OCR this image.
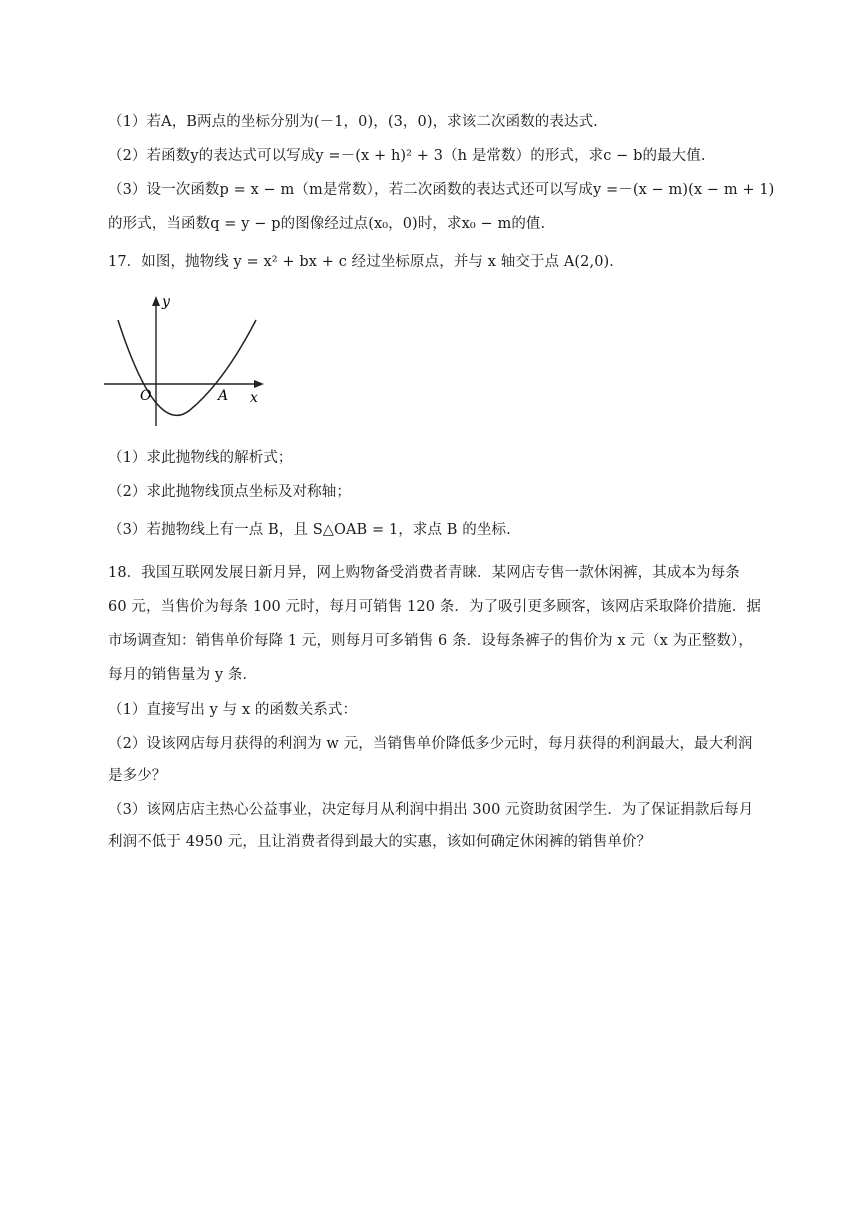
（1）若A，B两点的坐标分别为(－1，0)，(3，0)，求该二次函数的表达式.
（2）若函数y的表达式可以写成y =－(x + h)² + 3（h 是常数）的形式，求c − b的最大值.
（3）设一次函数p = x − m（m是常数），若二次函数的表达式还可以写成y =－(x − m)(x − m + 1)
的形式，当函数q = y − p的图像经过点(x₀，0)时，求x₀ − m的值.
17．如图，抛物线 y = x² + bx + c 经过坐标原点，并与 x 轴交于点 A(2,0)．
y
x
O	A
（1）求此抛物线的解析式；
（2）求此抛物线顶点坐标及对称轴；
（3）若抛物线上有一点 B，且 S△OAB = 1，求点 B 的坐标.
18．我国互联网发展日新月异，网上购物备受消费者青睐．某网店专售一款休闲裤，其成本为每条
60 元，当售价为每条 100 元时，每月可销售 120 条．为了吸引更多顾客，该网店采取降价措施．据
市场调查知：销售单价每降 1 元，则每月可多销售 6 条．设每条裤子的售价为 x 元（x 为正整数），
每月的销售量为 y 条．
（1）直接写出 y 与 x 的函数关系式：
（2）设该网店每月获得的利润为 w 元，当销售单价降低多少元时，每月获得的利润最大，最大利润
是多少？
（3）该网店店主热心公益事业，决定每月从利润中捐出 300 元资助贫困学生．为了保证捐款后每月
利润不低于 4950 元，且让消费者得到最大的实惠，该如何确定休闲裤的销售单价？
